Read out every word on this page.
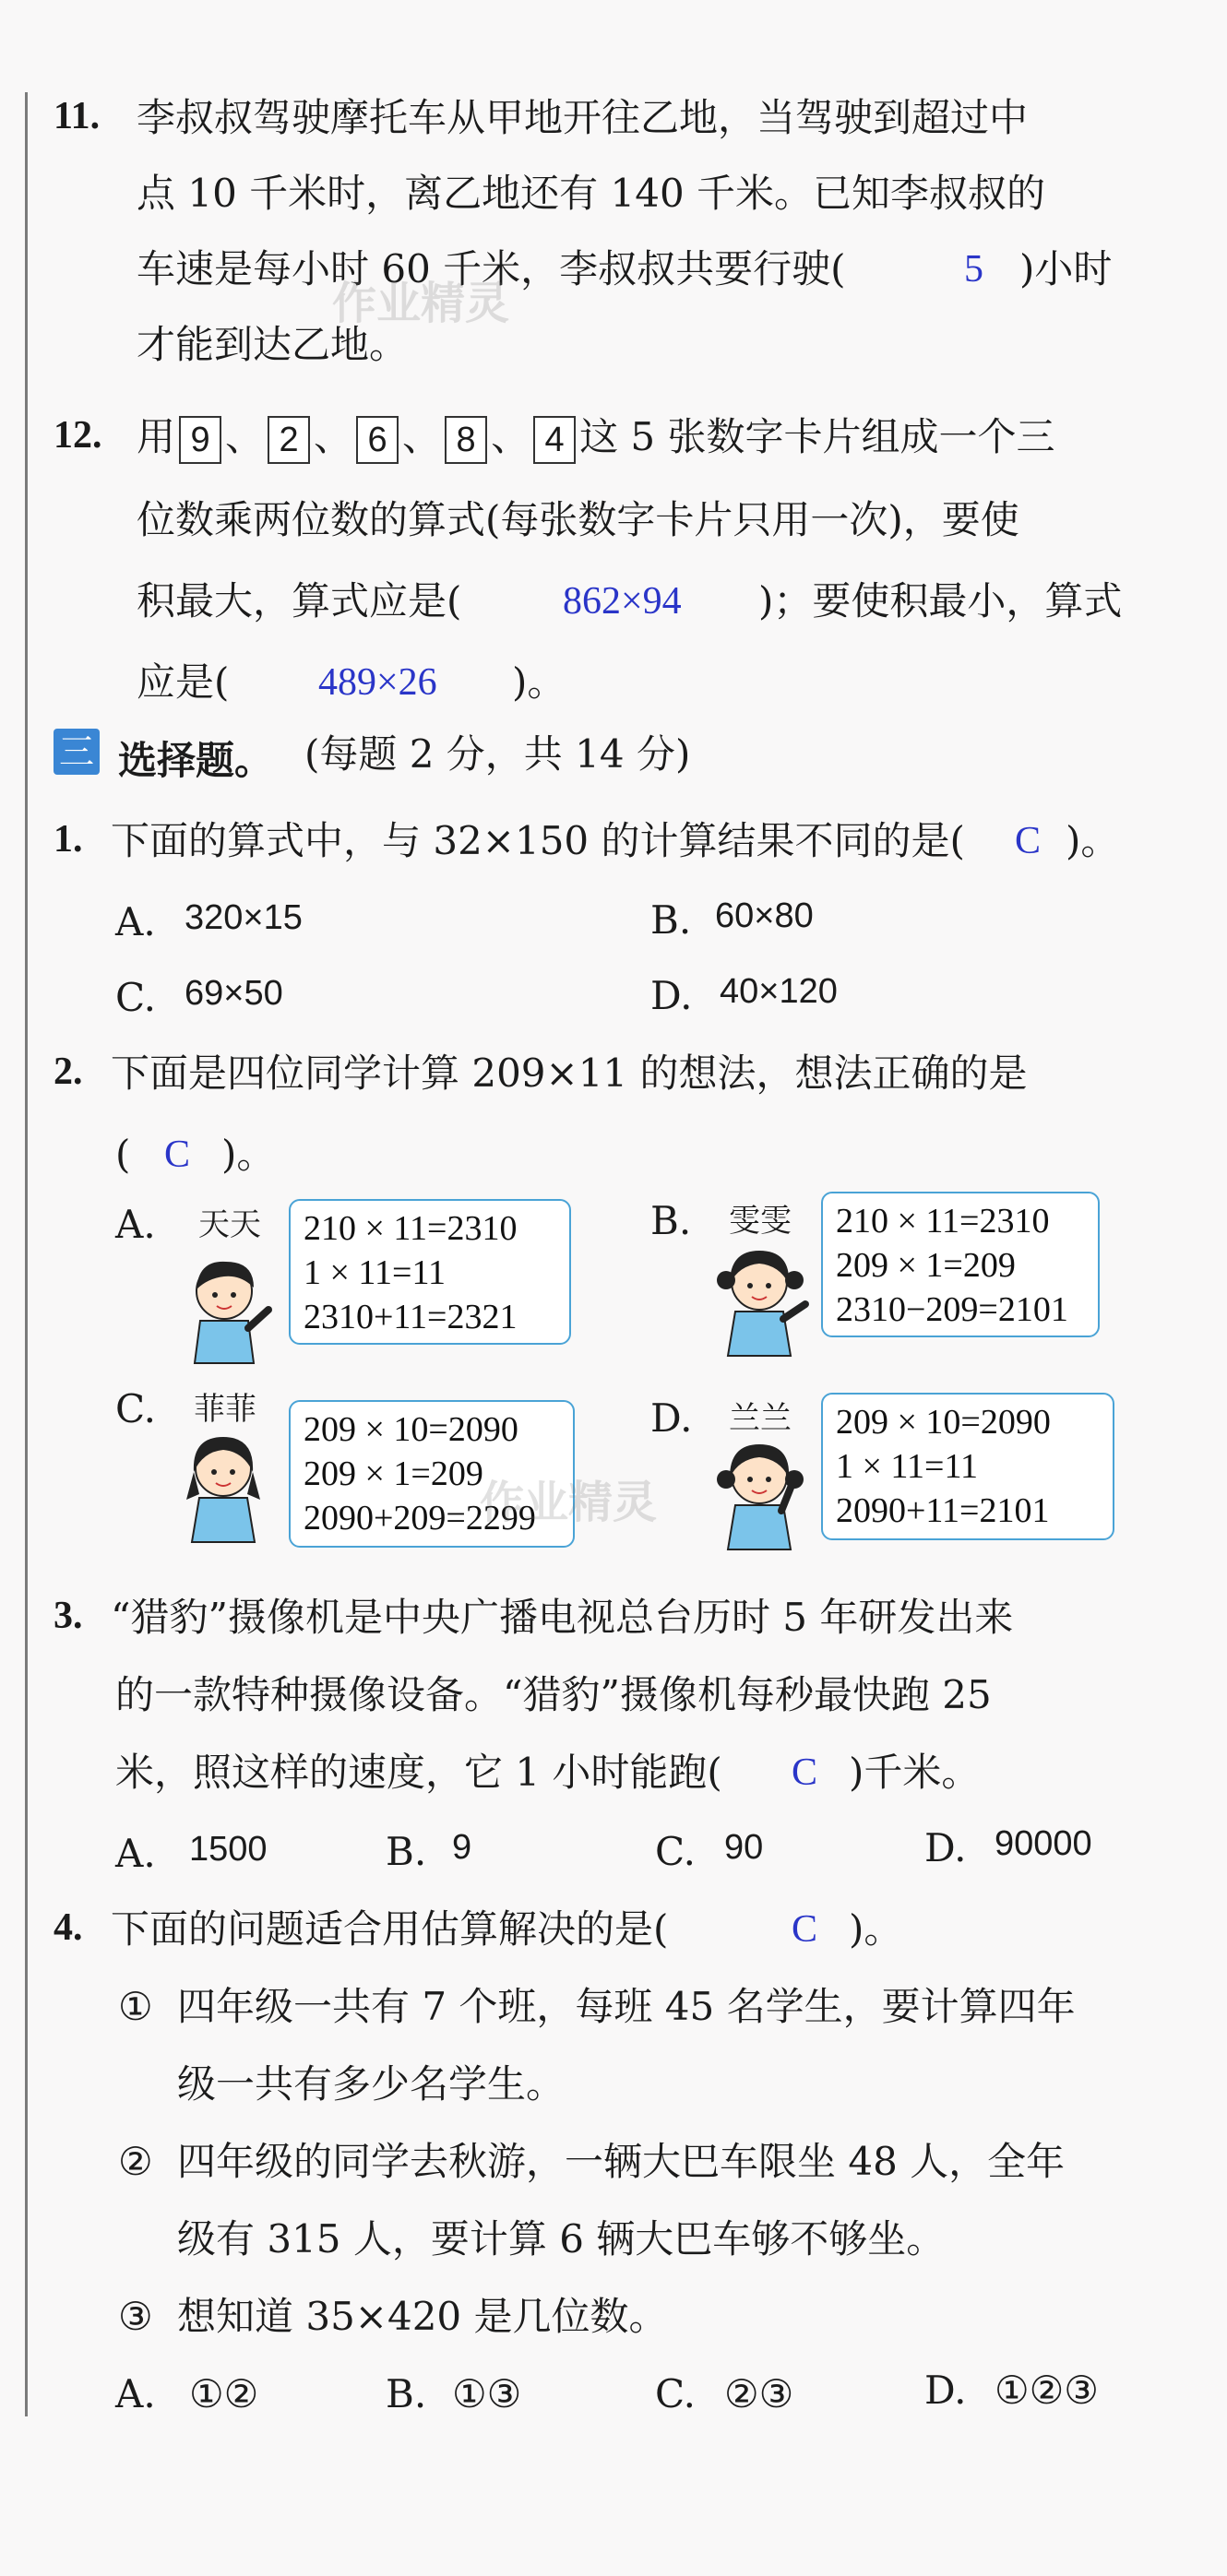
11. 李叔叔驾驶摩托车从甲地开往乙地，当驾驶到超过中
点 10 千米时，离乙地还有 140 千米。已知李叔叔的
车速是每小时 60 千米，李叔叔共要行驶(	5 )小时
才能到达乙地。
作业精灵
12. 用 9 、 2 、 6 、 8 、 4 这 5 张数字卡片组成一个三
位数乘两位数的算式(每张数字卡片只用一次)，要使
积最大，算式应是(	862×94 )；要使积最小，算式
应是( 489×26 )。
三 选择题。 (每题 2 分，共 14 分)
1. 下面的算式中，与 32×150 的计算结果不同的是( C )。
A. 320×15	B. 60×80
C. 69×50	D. 40×120
2. 下面是四位同学计算 209×11 的想法，想法正确的是
( C )。
A. 天天 210 × 11=2310
1 × 11=11
2310+11=2321
B. 雯雯 210 × 11=2310
209 × 1=209
2310−209=2101
C. 菲菲
209 × 10=2090
209 × 1=209
2090+209=2299
D. 兰兰 209 × 10=2090
1 × 11=11
2090+11=2101
作业精灵
3. “猎豹”摄像机是中央广播电视总台历时 5 年研发出来
的一款特种摄像设备。“猎豹”摄像机每秒最快跑 25
米，照这样的速度，它 1 小时能跑( C )千米。
A. 1500	B. 9	C. 90	D. 90000
4. 下面的问题适合用估算解决的是(	C )。
① 四年级一共有 7 个班，每班 45 名学生，要计算四年
级一共有多少名学生。
② 四年级的同学去秋游，一辆大巴车限坐 48 人，全年
级有 315 人，要计算 6 辆大巴车够不够坐。
③ 想知道 35×420 是几位数。
A. ①②	B. ①③	C. ②③	D. ①②③
